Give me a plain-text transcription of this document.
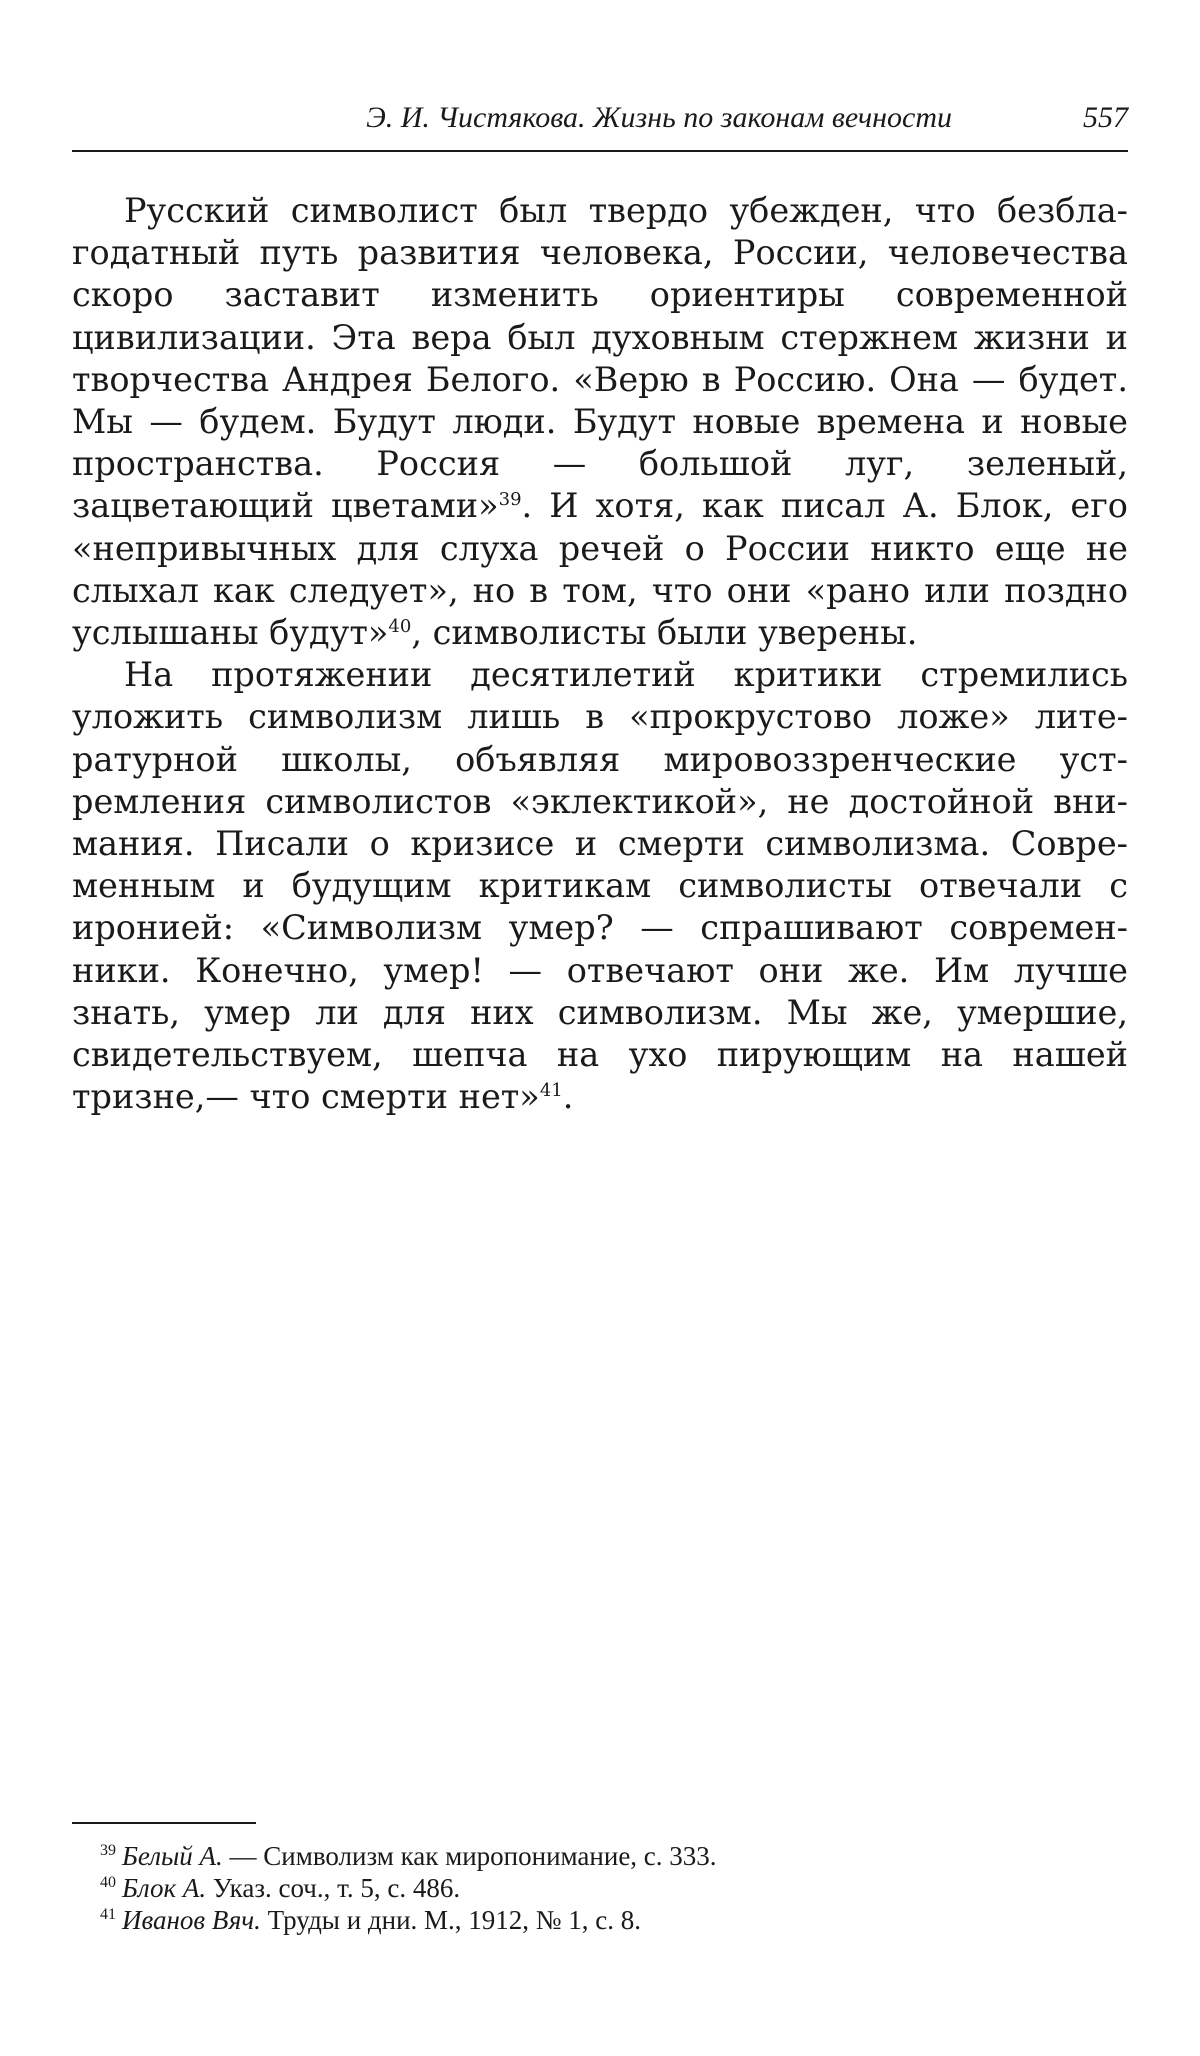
Э. И. Чистякова. Жизнь по законам вечности	557

Русский символист был твердо убежден, что безблагодатный путь развития человека, России, человечества скоро заставит изменить ориентиры современной цивилизации. Эта вера был духовным стержнем жизни и творчества Андрея Белого. «Верю в Россию. Она — будет. Мы — будем. Будут люди. Будут новые времена и новые пространства. Россия — большой луг, зеленый, зацветающий цветами»$^{39}$. И хотя, как писал А. Блок, его «непривычных для слуха речей о России никто еще не слыхал как следует», но в том, что они «рано или поздно услышаны будут»$^{40}$, символисты были уверены.

На протяжении десятилетий критики стремились уложить символизм лишь в «прокрустово ложе» литературной школы, объявляя мировоззренческие устремления символистов «эклектикой», не достойной внимания. Писали о кризисе и смерти символизма. Современным и будущим критикам символисты отвечали с иронией: «Символизм умер? — спрашивают современники. Конечно, умер! — отвечают они же. Им лучше знать, умер ли для них символизм. Мы же, умершие, свидетельствуем, шепча на ухо пирующим на нашей тризне,— что смерти нет»$^{41}$.

$^{39}$ Белый А. — Символизм как миропонимание, с. 333.

$^{40}$ Блок А. Указ. соч., т. 5, с. 486.

$^{41}$ Иванов Вяч. Труды и дни. М., 1912, № 1, с. 8.
